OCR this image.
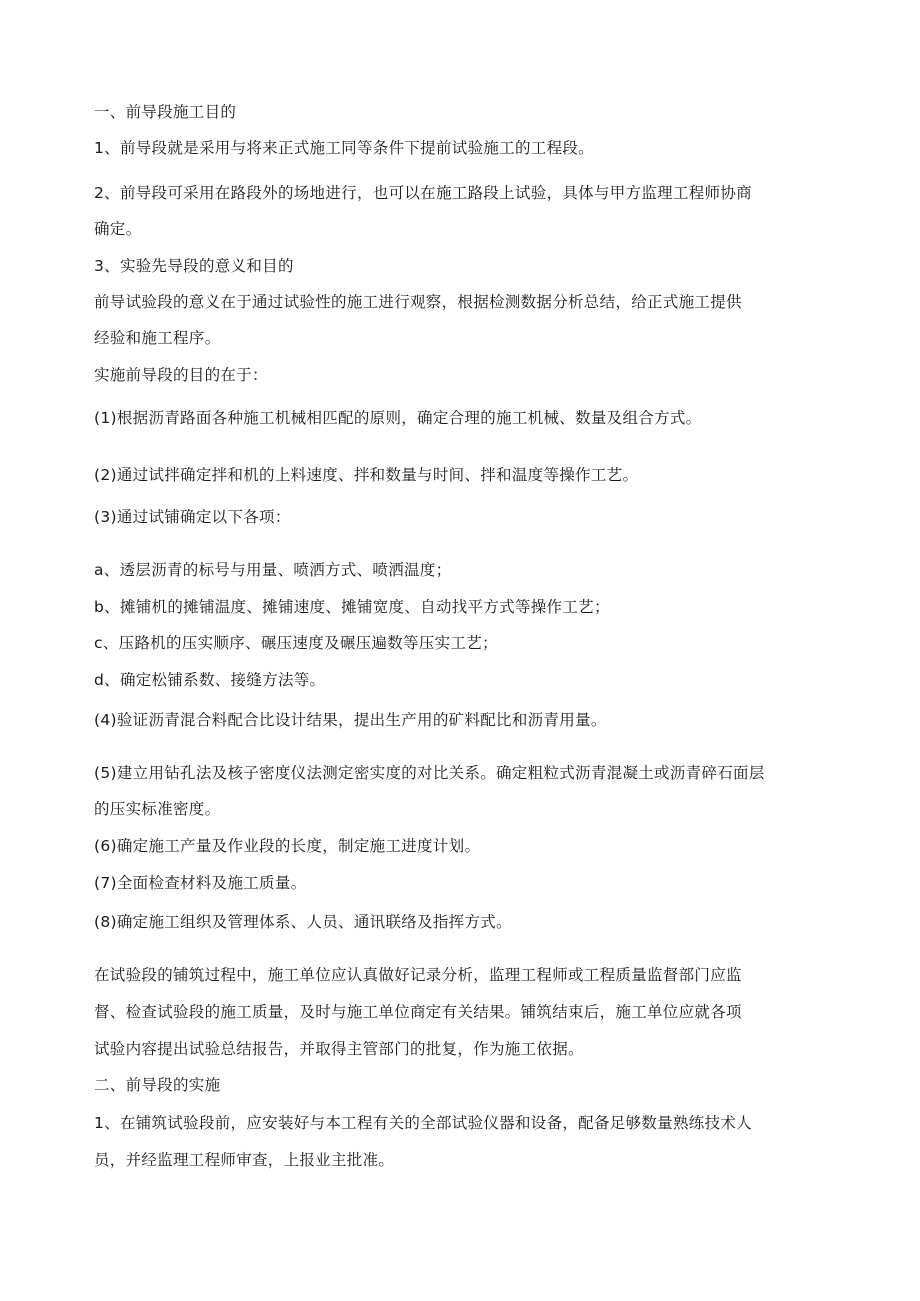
一、前导段施工目的
1、前导段就是采用与将来正式施工同等条件下提前试验施工的工程段。
2、前导段可采用在路段外的场地进行，也可以在施工路段上试验，具体与甲方监理工程师协商
确定。
3、实验先导段的意义和目的
前导试验段的意义在于通过试验性的施工进行观察，根据检测数据分析总结，给正式施工提供
经验和施工程序。
实施前导段的目的在于：
(1)根据沥青路面各种施工机械相匹配的原则，确定合理的施工机械、数量及组合方式。
(2)通过试拌确定拌和机的上料速度、拌和数量与时间、拌和温度等操作工艺。
(3)通过试铺确定以下各项：
a、透层沥青的标号与用量、喷洒方式、喷洒温度；
b、摊铺机的摊铺温度、摊铺速度、摊铺宽度、自动找平方式等操作工艺；
c、压路机的压实顺序、碾压速度及碾压遍数等压实工艺；
d、确定松铺系数、接缝方法等。
(4)验证沥青混合料配合比设计结果，提出生产用的矿料配比和沥青用量。
(5)建立用钻孔法及核子密度仪法测定密实度的对比关系。确定粗粒式沥青混凝土或沥青碎石面层
的压实标准密度。
(6)确定施工产量及作业段的长度，制定施工进度计划。
(7)全面检查材料及施工质量。
(8)确定施工组织及管理体系、人员、通讯联络及指挥方式。
在试验段的铺筑过程中，施工单位应认真做好记录分析，监理工程师或工程质量监督部门应监
督、检查试验段的施工质量，及时与施工单位商定有关结果。铺筑结束后，施工单位应就各项
试验内容提出试验总结报告，并取得主管部门的批复，作为施工依据。
二、前导段的实施
1、在铺筑试验段前，应安装好与本工程有关的全部试验仪器和设备，配备足够数量熟练技术人
员，并经监理工程师审查，上报业主批准。
